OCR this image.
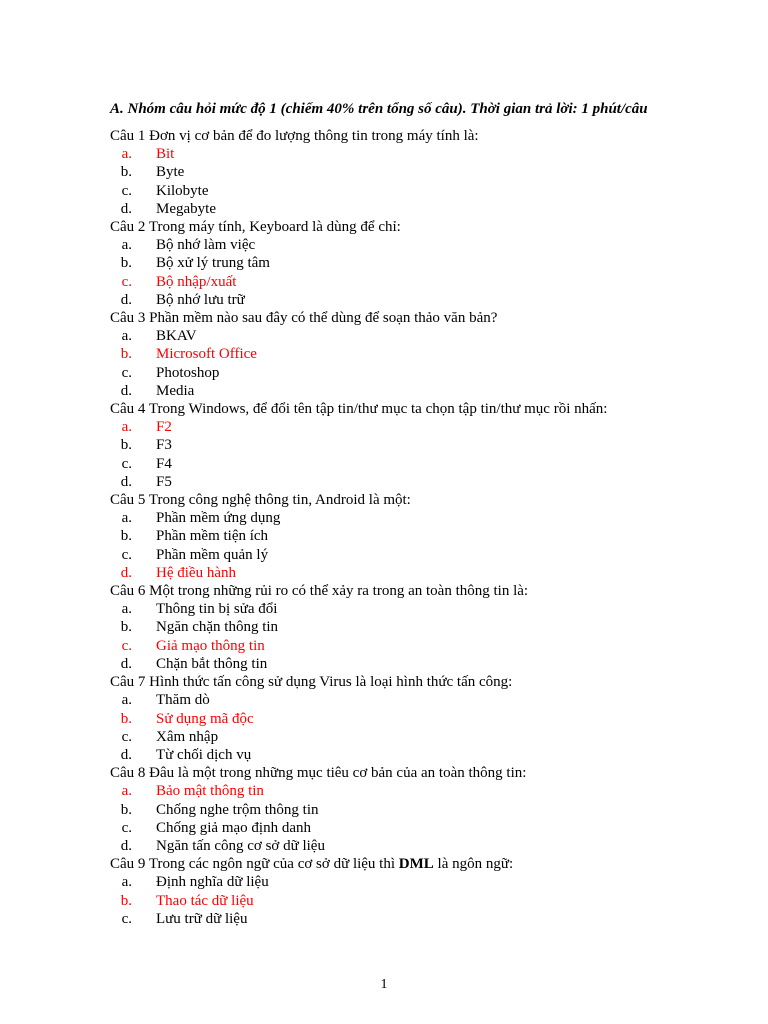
A. Nhóm câu hỏi mức độ 1 (chiếm 40% trên tổng số câu). Thời gian trả lời: 1 phút/câu

Câu 1 Đơn vị cơ bản để đo lượng thông tin trong máy tính là:

a. Bit
b. Byte
c. Kilobyte
d. Megabyte

Câu 2 Trong máy tính, Keyboard là dùng để chỉ:

a. Bộ nhớ làm việc
b. Bộ xử lý trung tâm
c. Bộ nhập/xuất
d. Bộ nhớ lưu trữ

Câu 3 Phần mềm nào sau đây có thể dùng để soạn thảo văn bản?

a. BKAV
b. Microsoft Office
c. Photoshop
d. Media

Câu 4 Trong Windows, để đổi tên tập tin/thư mục ta chọn tập tin/thư mục rồi nhấn:

a. F2
b. F3
c. F4
d. F5

Câu 5 Trong công nghệ thông tin, Android là một:

a. Phần mềm ứng dụng
b. Phần mềm tiện ích
c. Phần mềm quản lý
d. Hệ điều hành

Câu 6 Một trong những rủi ro có thể xảy ra trong an toàn thông tin là:

a. Thông tin bị sửa đổi
b. Ngăn chặn thông tin
c. Giả mạo thông tin
d. Chặn bắt thông tin

Câu 7 Hình thức tấn công sử dụng Virus là loại hình thức tấn công:

a. Thăm dò
b. Sử dụng mã độc
c. Xâm nhập
d. Từ chối dịch vụ

Câu 8 Đâu là một trong những mục tiêu cơ bản của an toàn thông tin:

a. Bảo mật thông tin
b. Chống nghe trộm thông tin
c. Chống giả mạo định danh
d. Ngăn tấn công cơ sở dữ liệu

Câu 9 Trong các ngôn ngữ của cơ sở dữ liệu thì DML là ngôn ngữ:

a. Định nghĩa dữ liệu
b. Thao tác dữ liệu
c. Lưu trữ dữ liệu
1
